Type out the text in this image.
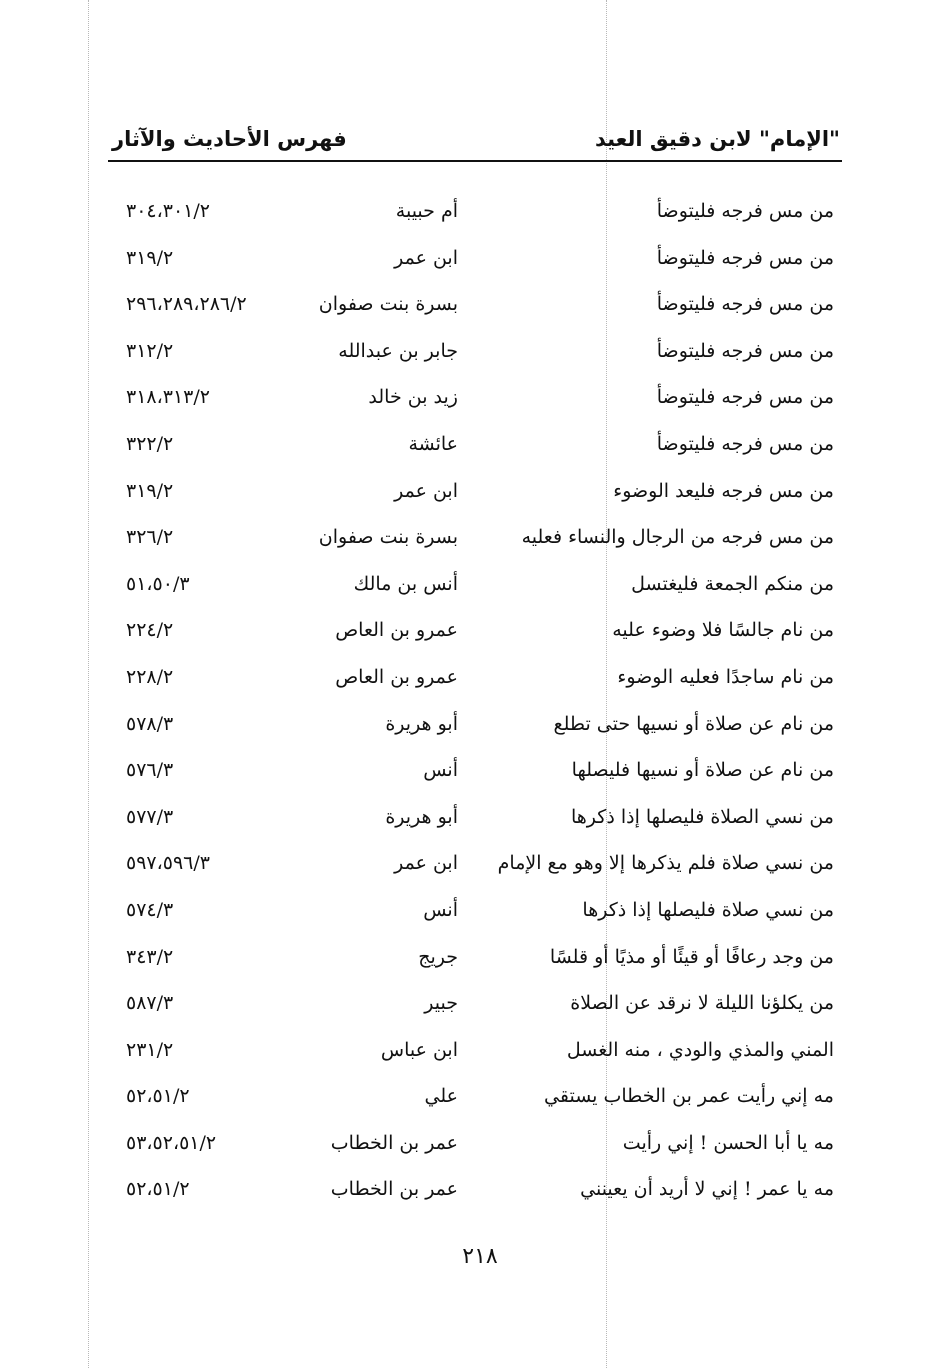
"الإمام" لابن دقيق العيد
فهرس الأحاديث والآثار
من مس فرجه فليتوضأ
أم حبيبة
٣٠٤،٣٠١/٢
من مس فرجه فليتوضأ
ابن عمر
٣١٩/٢
من مس فرجه فليتوضأ
بسرة بنت صفوان
٢٩٦،٢٨٩،٢٨٦/٢
من مس فرجه فليتوضأ
جابر بن عبدالله
٣١٢/٢
من مس فرجه فليتوضأ
زيد بن خالد
٣١٨،٣١٣/٢
من مس فرجه فليتوضأ
عائشة
٣٢٢/٢
من مس فرجه فليعد الوضوء
ابن عمر
٣١٩/٢
من مس فرجه من الرجال والنساء فعليه
بسرة بنت صفوان
٣٢٦/٢
من منكم الجمعة فليغتسل
أنس بن مالك
٥١،٥٠/٣
من نام جالسًا فلا وضوء عليه
عمرو بن العاص
٢٢٤/٢
من نام ساجدًا فعليه الوضوء
عمرو بن العاص
٢٢٨/٢
من نام عن صلاة أو نسيها حتى تطلع
أبو هريرة
٥٧٨/٣
من نام عن صلاة أو نسيها فليصلها
أنس
٥٧٦/٣
من نسي الصلاة فليصلها إذا ذكرها
أبو هريرة
٥٧٧/٣
من نسي صلاة فلم يذكرها إلا وهو مع الإمام
ابن عمر
٥٩٧،٥٩٦/٣
من نسي صلاة فليصلها إذا ذكرها
أنس
٥٧٤/٣
من وجد رعافًا أو قيئًا أو مذيًا أو قلسًا
جريج
٣٤٣/٢
من يكلؤنا الليلة لا نرقد عن الصلاة
جبير
٥٨٧/٣
المني والمذي والودي ، منه الغسل
ابن عباس
٢٣١/٢
مه إني رأيت عمر بن الخطاب يستقي
علي
٥٢،٥١/٢
مه يا أبا الحسن ! إني رأيت
عمر بن الخطاب
٥٣،٥٢،٥١/٢
مه يا عمر ! إني لا أريد أن يعينني
عمر بن الخطاب
٥٢،٥١/٢
٢١٨
